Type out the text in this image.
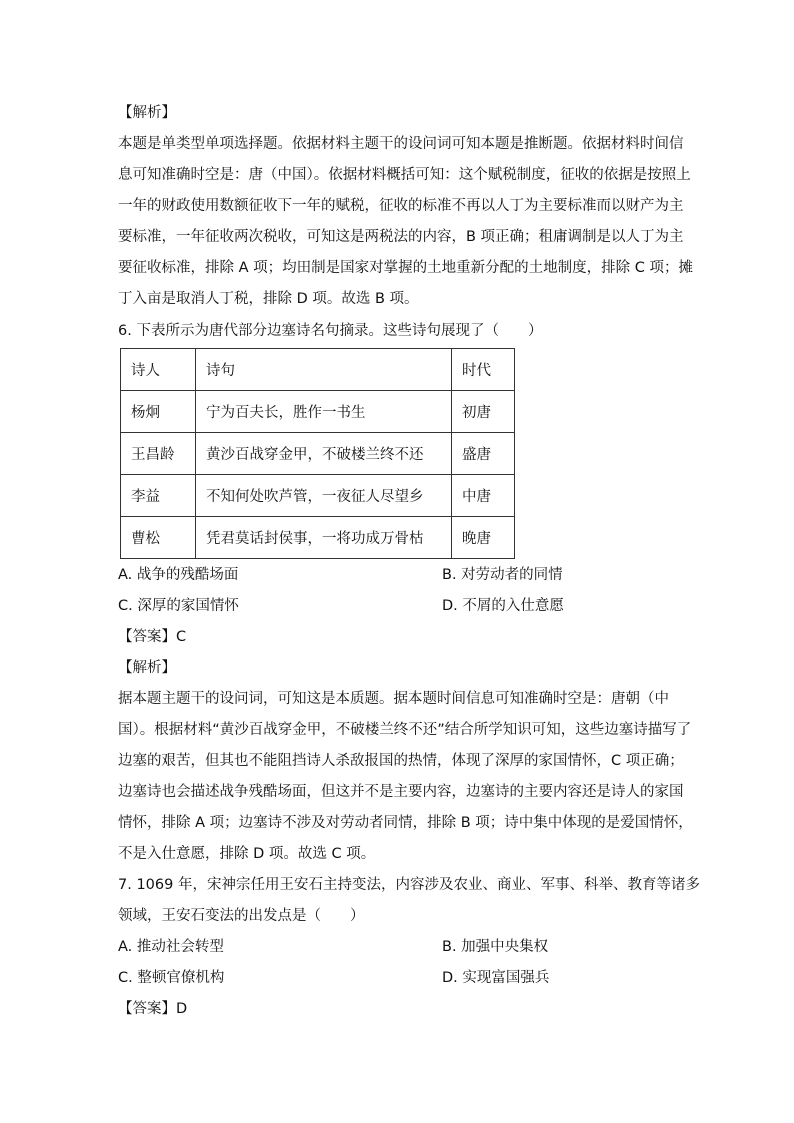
【解析】
本题是单类型单项选择题。依据材料主题干的设问词可知本题是推断题。依据材料时间信
息可知准确时空是：唐（中国）。依据材料概括可知：这个赋税制度，征收的依据是按照上
一年的财政使用数额征收下一年的赋税，征收的标准不再以人丁为主要标准而以财产为主
要标准，一年征收两次税收，可知这是两税法的内容，B 项正确；租庸调制是以人丁为主
要征收标准，排除 A 项；均田制是国家对掌握的土地重新分配的土地制度，排除 C 项；摊
丁入亩是取消人丁税，排除 D 项。故选 B 项。
6. 下表所示为唐代部分边塞诗名句摘录。这些诗句展现了（　　）
诗人	诗句	时代
杨炯	宁为百夫长，胜作一书生	初唐
王昌龄	黄沙百战穿金甲，不破楼兰终不还	盛唐
李益	不知何处吹芦管，一夜征人尽望乡	中唐
曹松	凭君莫话封侯事，一将功成万骨枯	晚唐
A. 战争的残酷场面	B. 对劳动者的同情
C. 深厚的家国情怀	D. 不屑的入仕意愿
【答案】C
【解析】
据本题主题干的设问词，可知这是本质题。据本题时间信息可知准确时空是：唐朝（中
国）。根据材料“黄沙百战穿金甲，不破楼兰终不还”结合所学知识可知，这些边塞诗描写了
边塞的艰苦，但其也不能阻挡诗人杀敌报国的热情，体现了深厚的家国情怀，C 项正确；
边塞诗也会描述战争残酷场面，但这并不是主要内容，边塞诗的主要内容还是诗人的家国
情怀，排除 A 项；边塞诗不涉及对劳动者同情，排除 B 项；诗中集中体现的是爱国情怀，
不是入仕意愿，排除 D 项。故选 C 项。
7. 1069 年，宋神宗任用王安石主持变法，内容涉及农业、商业、军事、科举、教育等诸多
领域，王安石变法的出发点是（　　）
A. 推动社会转型	B. 加强中央集权
C. 整顿官僚机构	D. 实现富国强兵
【答案】D
